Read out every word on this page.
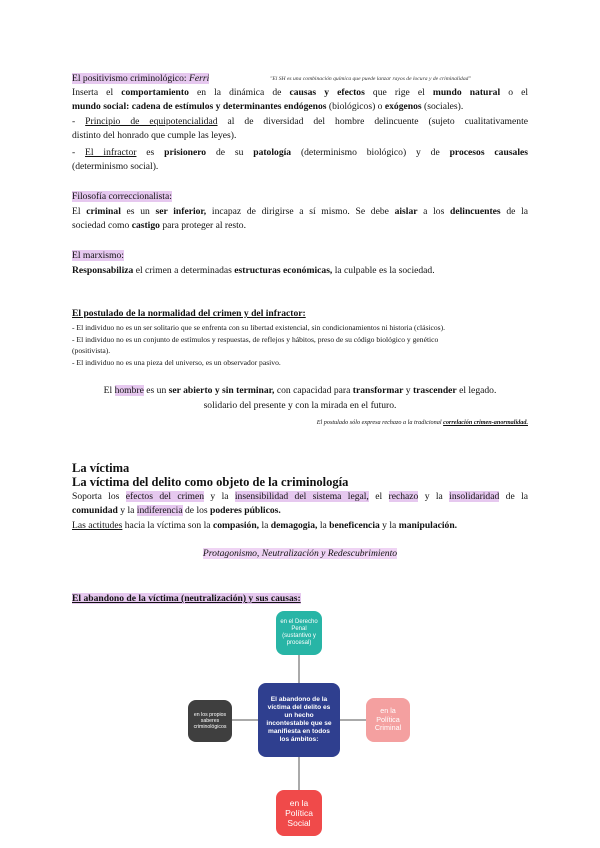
El positivismo criminológico: Ferri	"El SH es una combinación química que puede lanzar rayos de locura y de criminalidad"
Inserta el comportamiento en la dinámica de causas y efectos que rige el mundo natural o el
mundo social: cadena de estímulos y determinantes endógenos (biológicos) o exógenos (sociales).
- Principio de equipotencialidad al de diversidad del hombre delincuente (sujeto cualitativamente
distinto del honrado que cumple las leyes).
- El infractor es prisionero de su patología (determinismo biológico) y de procesos causales
(determinismo social).
Filosofía correccionalista:
El criminal es un ser inferior, incapaz de dirigirse a sí mismo. Se debe aislar a los delincuentes de la
sociedad como castigo para proteger al resto.
El marxismo:
Responsabiliza el crimen a determinadas estructuras económicas, la culpable es la sociedad.
El postulado de la normalidad del crimen y del infractor:
- El individuo no es un ser solitario que se enfrenta con su libertad existencial, sin condicionamientos ni historia (clásicos).
- El individuo no es un conjunto de estímulos y respuestas, de reflejos y hábitos, preso de su código biológico y genético
(positivista).
- El individuo no es una pieza del universo, es un observador pasivo.
El hombre es un ser abierto y sin terminar, con capacidad para transformar y trascender el legado.
solidario del presente y con la mirada en el futuro.
El postulado sólo expresa rechazo a la tradicional correlación crimen-anormalidad.
La víctima
La víctima del delito como objeto de la criminología
Soporta los efectos del crimen y la insensibilidad del sistema legal, el rechazo y la insolidaridad de la
comunidad y la indiferencia de los poderes públicos.
Las actitudes hacia la víctima son la compasión, la demagogia, la beneficencia y la manipulación.
Protagonismo, Neutralización y Redescubrimiento
El abandono de la víctima (neutralización) y sus causas:
en el Derecho Penal (sustantivo y procesal)
en la Política Criminal
en la Política Social
en los propios saberes criminológicos
El abandono de la víctima del delito es un hecho incontestable que se manifiesta en todos los ámbitos:
